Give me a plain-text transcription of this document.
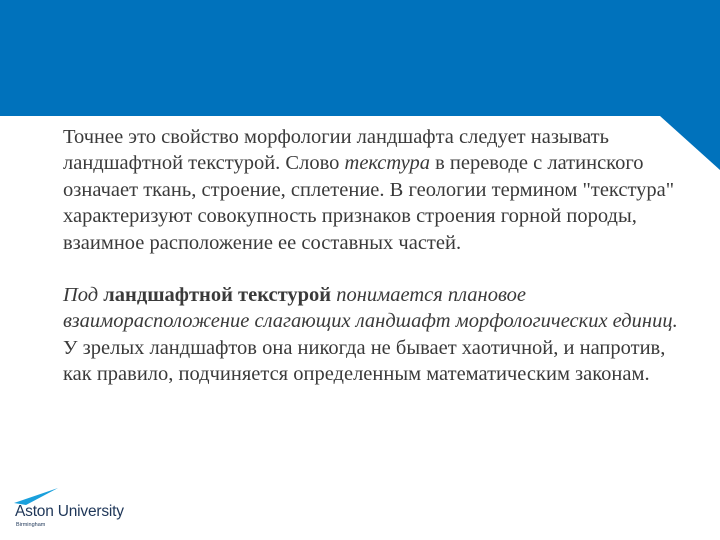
Точнее это свойство морфологии ландшафта следует называть ландшафтной текстурой. Слово текстура в переводе с латинского означает ткань, строение, сплетение. В геологии термином "текстура" характеризуют совокупность признаков строения горной породы, взаимное расположение ее составных частей.

Под ландшафтной текстурой понимается плановое взаиморасположение слагающих ландшафт морфологических единиц. У зрелых ландшафтов она никогда не бывает хаотичной, и напротив, как правило, подчиняется определенным математическим законам.

Aston University
Birmingham
